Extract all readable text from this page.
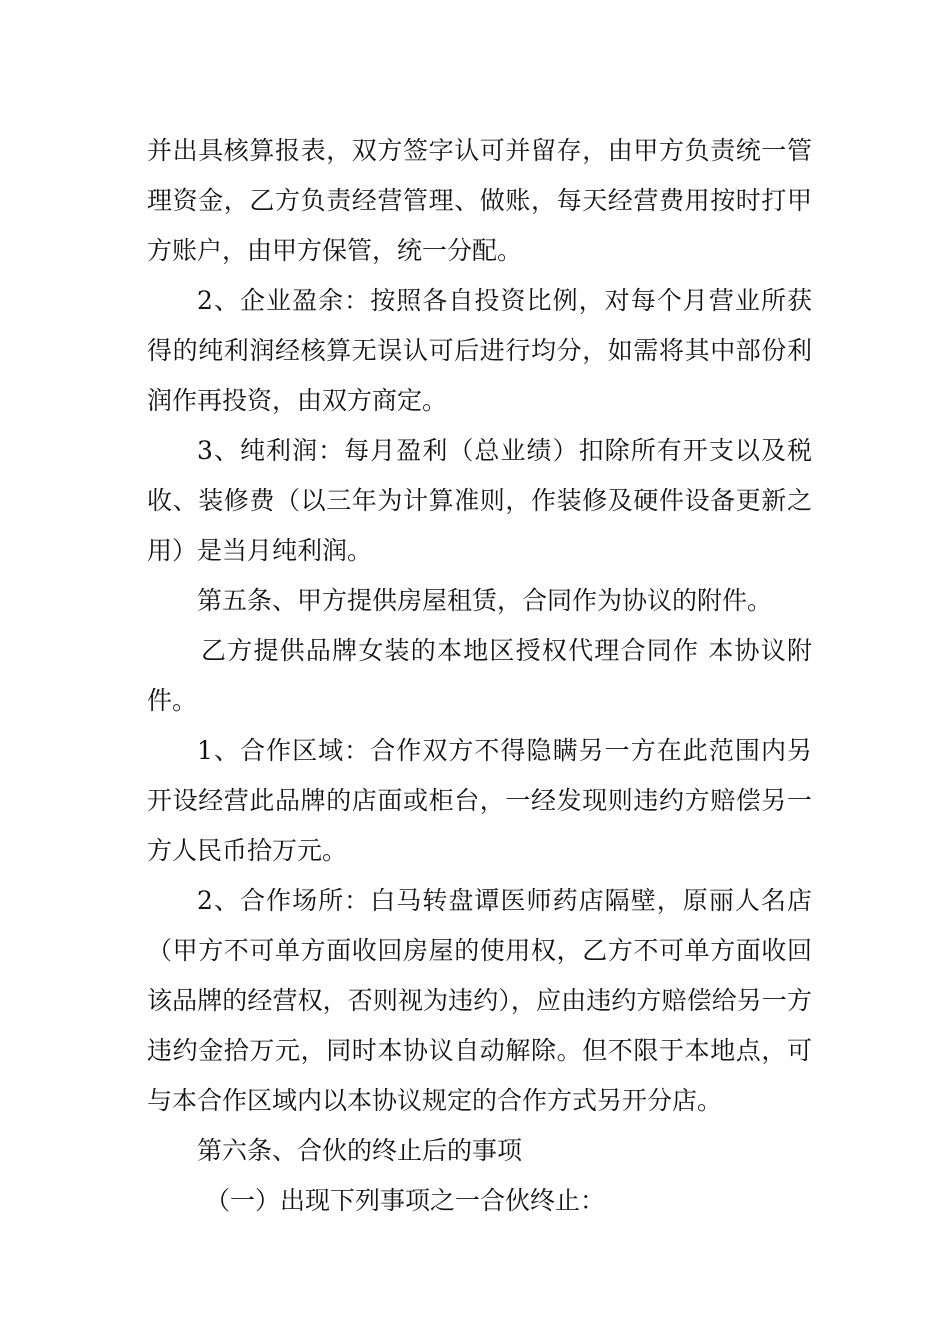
并出具核算报表，双方签字认可并留存，由甲方负责统一管理资金，乙方负责经营管理、做账，每天经营费用按时打甲方账户，由甲方保管，统一分配。

2、企业盈余：按照各自投资比例，对每个月营业所获得的纯利润经核算无误认可后进行均分，如需将其中部份利润作再投资，由双方商定。

3、纯利润：每月盈利（总业绩）扣除所有开支以及税收、装修费（以三年为计算准则，作装修及硬件设备更新之用）是当月纯利润。

第五条、甲方提供房屋租赁，合同作为协议的附件。

乙方提供品牌女装的本地区授权代理合同作 本协议附件。

1、合作区域：合作双方不得隐瞒另一方在此范围内另开设经营此品牌的店面或柜台，一经发现则违约方赔偿另一方人民币拾万元。

2、合作场所：白马转盘谭医师药店隔壁，原丽人名店（甲方不可单方面收回房屋的使用权，乙方不可单方面收回该品牌的经营权，否则视为违约），应由违约方赔偿给另一方违约金拾万元，同时本协议自动解除。但不限于本地点，可与本合作区域内以本协议规定的合作方式另开分店。

第六条、合伙的终止后的事项

（一）出现下列事项之一合伙终止：
